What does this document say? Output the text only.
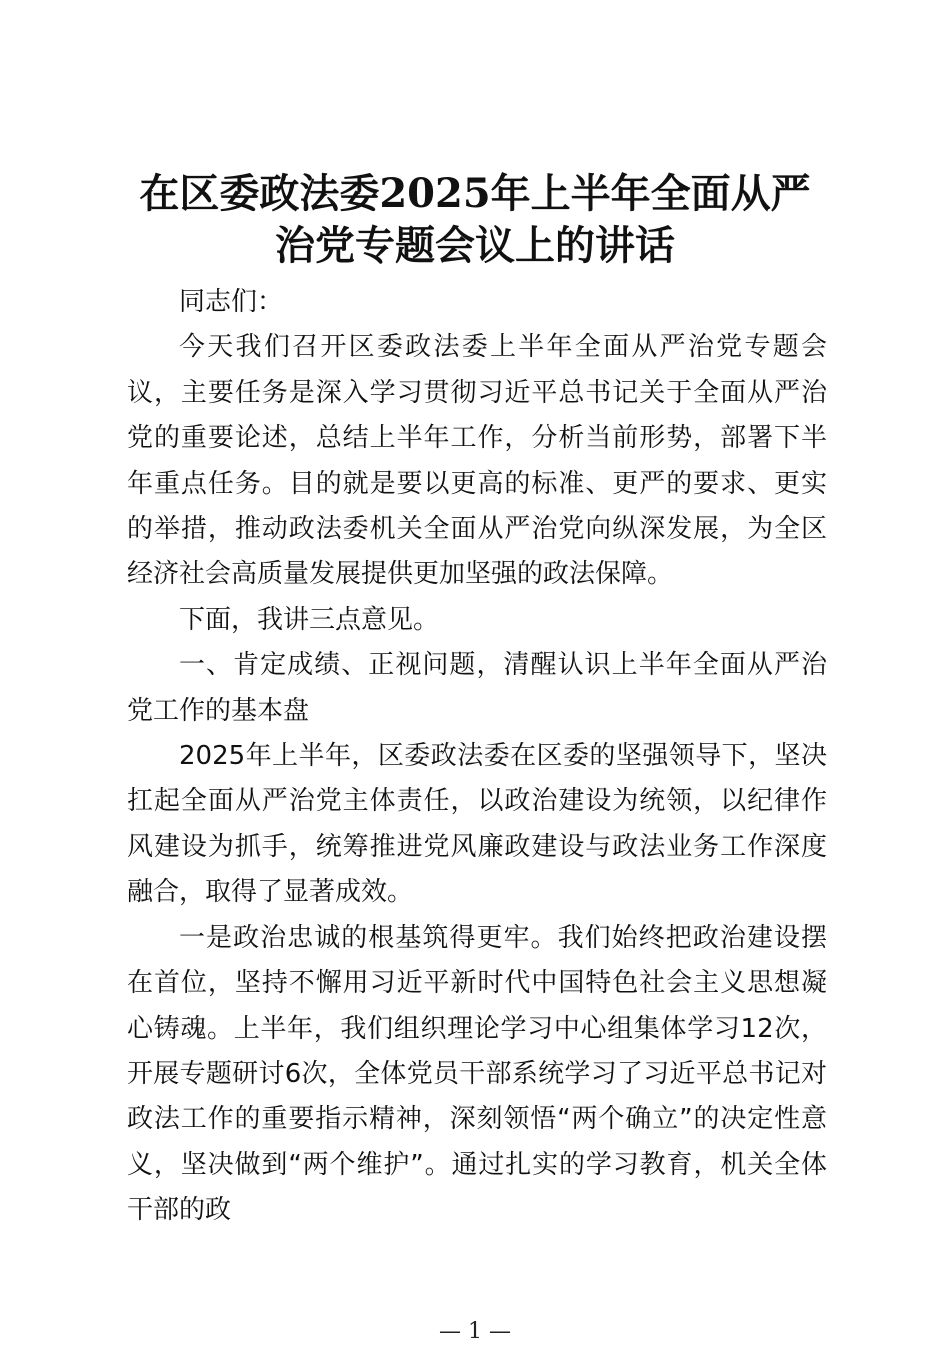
在区委政法委2025年上半年全面从严
治党专题会议上的讲话

同志们：

今天我们召开区委政法委上半年全面从严治党专题会议，主要任务是深入学习贯彻习近平总书记关于全面从严治党的重要论述，总结上半年工作，分析当前形势，部署下半年重点任务。目的就是要以更高的标准、更严的要求、更实的举措，推动政法委机关全面从严治党向纵深发展，为全区经济社会高质量发展提供更加坚强的政法保障。

下面，我讲三点意见。

一、肯定成绩、正视问题，清醒认识上半年全面从严治党工作的基本盘

2025年上半年，区委政法委在区委的坚强领导下，坚决扛起全面从严治党主体责任，以政治建设为统领，以纪律作风建设为抓手，统筹推进党风廉政建设与政法业务工作深度融合，取得了显著成效。

一是政治忠诚的根基筑得更牢。我们始终把政治建设摆在首位，坚持不懈用习近平新时代中国特色社会主义思想凝心铸魂。上半年，我们组织理论学习中心组集体学习12次，开展专题研讨6次，全体党员干部系统学习了习近平总书记对政法工作的重要指示精神，深刻领悟“两个确立”的决定性意义，坚决做到“两个维护”。通过扎实的学习教育，机关全体干部的政

— 1 —
